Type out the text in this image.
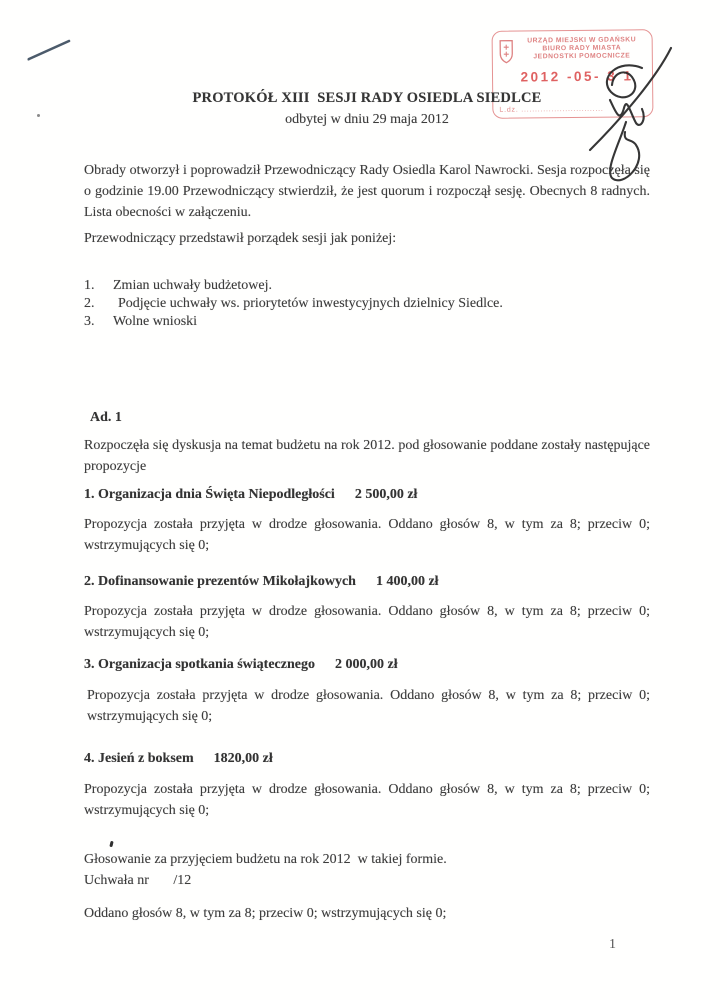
URZĄD MIEJSKI W GDAŃSKU
BIURO RADY MIASTA
JEDNOSTKI POMOCNICZE
2012 -05- 3 1
L.dz. ..............................
PROTOKÓŁ XIII  SESJI RADY OSIEDLA SIEDLCE
odbytej w dniu 29 maja 2012

Obrady otworzył i poprowadził Przewodniczący Rady Osiedla Karol Nawrocki. Sesja rozpoczęła się o godzinie 19.00 Przewodniczący stwierdził, że jest quorum i rozpoczął sesję. Obecnych 8 radnych. Lista obecności w załączeniu.

Przewodniczący przedstawił porządek sesji jak poniżej:

1.	Zmian uchwały budżetowej.
2.	Podjęcie uchwały ws. priorytetów inwestycyjnych dzielnicy Siedlce.
3.	Wolne wnioski
Ad. 1

Rozpoczęła się dyskusja na temat budżetu na rok 2012. pod głosowanie poddane zostały następujące propozycje

1. Organizacja dnia Święta Niepodległości 2 500,00 zł

Propozycja została przyjęta w drodze głosowania. Oddano głosów 8, w tym za 8; przeciw 0; wstrzymujących się 0;

2. Dofinansowanie prezentów Mikołajkowych 1 400,00 zł

Propozycja została przyjęta w drodze głosowania. Oddano głosów 8, w tym za 8; przeciw 0; wstrzymujących się 0;

3. Organizacja spotkania świątecznego 2 000,00 zł

Propozycja została przyjęta w drodze głosowania. Oddano głosów 8, w tym za 8; przeciw 0; wstrzymujących się 0;

4. Jesień z boksem 1820,00 zł

Propozycja została przyjęta w drodze głosowania. Oddano głosów 8, w tym za 8; przeciw 0; wstrzymujących się 0;

Głosowanie za przyjęciem budżetu na rok 2012  w takiej formie.

Uchwała nr       /12

Oddano głosów 8, w tym za 8; przeciw 0; wstrzymujących się 0;

1
